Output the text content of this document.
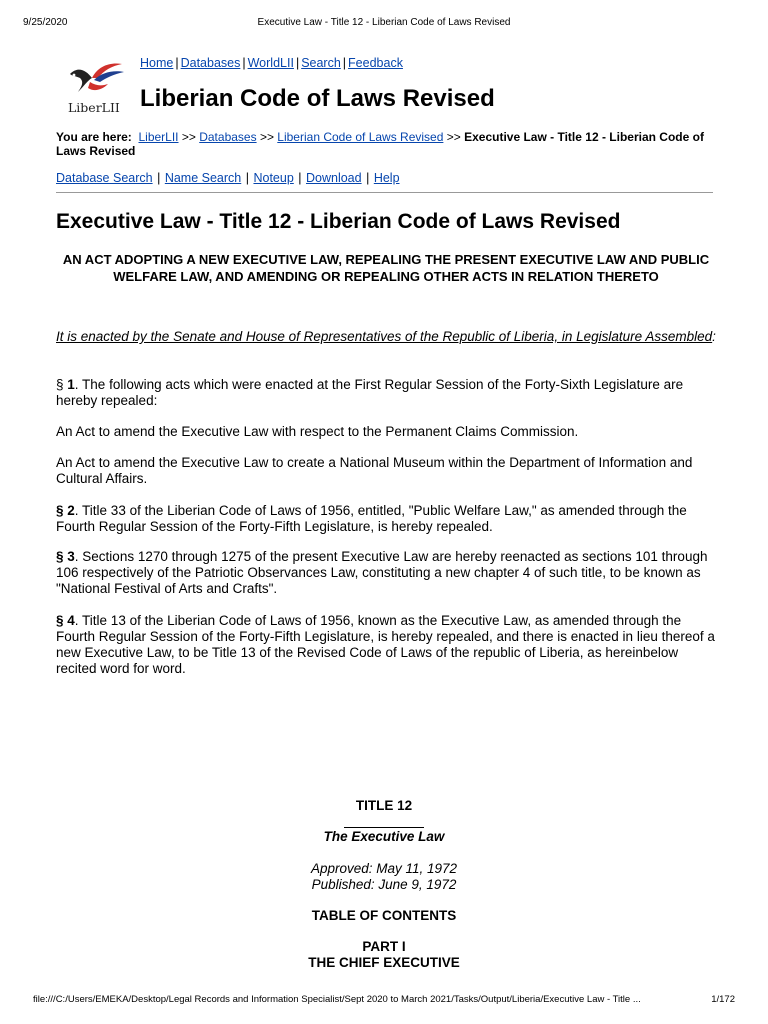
9/25/2020	Executive Law - Title 12 - Liberian Code of Laws Revised
LiberLII
Home | Databases | WorldLII | Search | Feedback
Liberian Code of Laws Revised
You are here: LiberLII >> Databases >> Liberian Code of Laws Revised >> Executive Law - Title 12 - Liberian Code of Laws Revised
Database Search | Name Search | Noteup | Download | Help
Executive Law - Title 12 - Liberian Code of Laws Revised
AN ACT ADOPTING A NEW EXECUTIVE LAW, REPEALING THE PRESENT EXECUTIVE LAW AND PUBLIC WELFARE LAW, AND AMENDING OR REPEALING OTHER ACTS IN RELATION THERETO
It is enacted by the Senate and House of Representatives of the Republic of Liberia, in Legislature Assembled:
§ 1. The following acts which were enacted at the First Regular Session of the Forty-Sixth Legislature are hereby repealed:
An Act to amend the Executive Law with respect to the Permanent Claims Commission.
An Act to amend the Executive Law to create a National Museum within the Department of Information and Cultural Affairs.
§ 2. Title 33 of the Liberian Code of Laws of 1956, entitled, "Public Welfare Law," as amended through the Fourth Regular Session of the Forty-Fifth Legislature, is hereby repealed.
§ 3. Sections 1270 through 1275 of the present Executive Law are hereby reenacted as sections 101 through 106 respectively of the Patriotic Observances Law, constituting a new chapter 4 of such title, to be known as "National Festival of Arts and Crafts".
§ 4. Title 13 of the Liberian Code of Laws of 1956, known as the Executive Law, as amended through the Fourth Regular Session of the Forty-Fifth Legislature, is hereby repealed, and there is enacted in lieu thereof a new Executive Law, to be Title 13 of the Revised Code of Laws of the republic of Liberia, as hereinbelow recited word for word.
TITLE 12
The Executive Law
Approved: May 11, 1972
Published: June 9, 1972
TABLE OF CONTENTS
PART I
THE CHIEF EXECUTIVE
file:///C:/Users/EMEKA/Desktop/Legal Records and Information Specialist/Sept 2020 to March 2021/Tasks/Output/Liberia/Executive Law - Title ...	1/172
